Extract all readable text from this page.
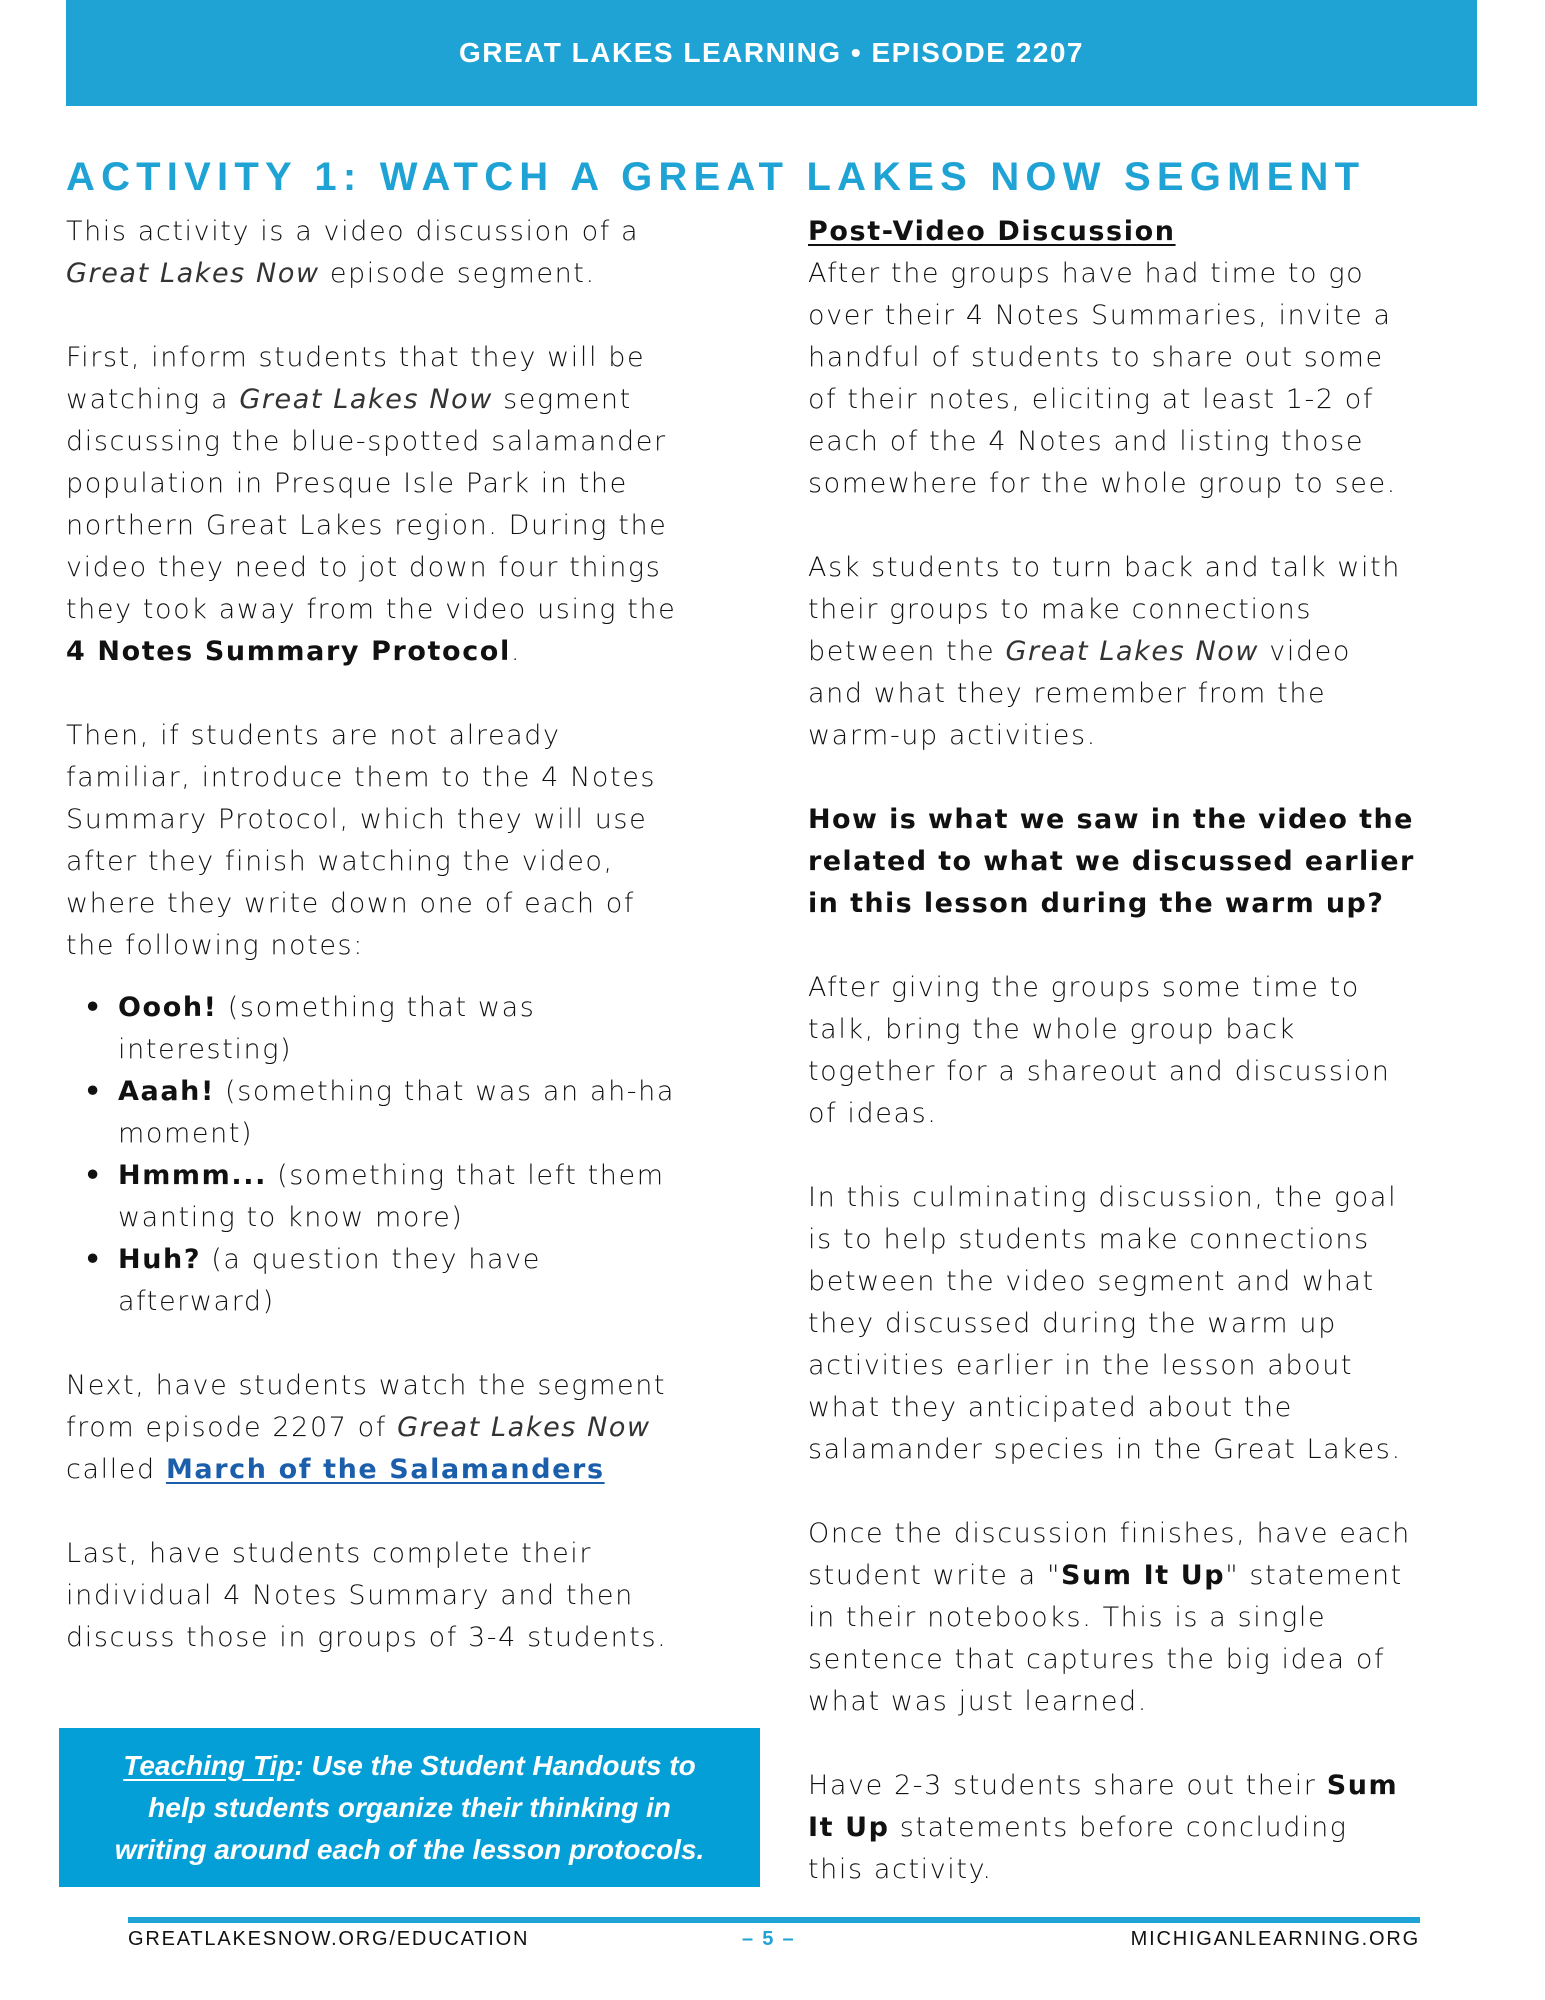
GREAT LAKES LEARNING • EPISODE 2207
ACTIVITY 1: WATCH A GREAT LAKES NOW SEGMENT
This activity is a video discussion of a
Great Lakes Now episode segment.
First, inform students that they will be
watching a Great Lakes Now segment
discussing the blue-spotted salamander
population in Presque Isle Park in the
northern Great Lakes region. During the
video they need to jot down four things
they took away from the video using the
4 Notes Summary Protocol.
Then, if students are not already
familiar, introduce them to the 4 Notes
Summary Protocol, which they will use
after they finish watching the video,
where they write down one of each of
the following notes:
• Oooh! (something that was
interesting)
• Aaah! (something that was an ah-ha
moment)
• Hmmm... (something that left them
wanting to know more)
• Huh? (a question they have
afterward)
Next, have students watch the segment
from episode 2207 of Great Lakes Now
called March of the Salamanders
Last, have students complete their
individual 4 Notes Summary and then
discuss those in groups of 3-4 students.
Post-Video Discussion
After the groups have had time to go
over their 4 Notes Summaries, invite a
handful of students to share out some
of their notes, eliciting at least 1-2 of
each of the 4 Notes and listing those
somewhere for the whole group to see.
Ask students to turn back and talk with
their groups to make connections
between the Great Lakes Now video
and what they remember from the
warm-up activities.
How is what we saw in the video the
related to what we discussed earlier
in this lesson during the warm up?
After giving the groups some time to
talk, bring the whole group back
together for a shareout and discussion
of ideas.
In this culminating discussion, the goal
is to help students make connections
between the video segment and what
they discussed during the warm up
activities earlier in the lesson about
what they anticipated about the
salamander species in the Great Lakes.
Once the discussion finishes, have each
student write a "Sum It Up" statement
in their notebooks. This is a single
sentence that captures the big idea of
what was just learned.
Have 2-3 students share out their Sum
It Up statements before concluding
this activity.
Teaching Tip: Use the Student Handouts to
help students organize their thinking in
writing around each of the lesson protocols.
GREATLAKESNOW.ORG/EDUCATION	– 5 –	MICHIGANLEARNING.ORG
